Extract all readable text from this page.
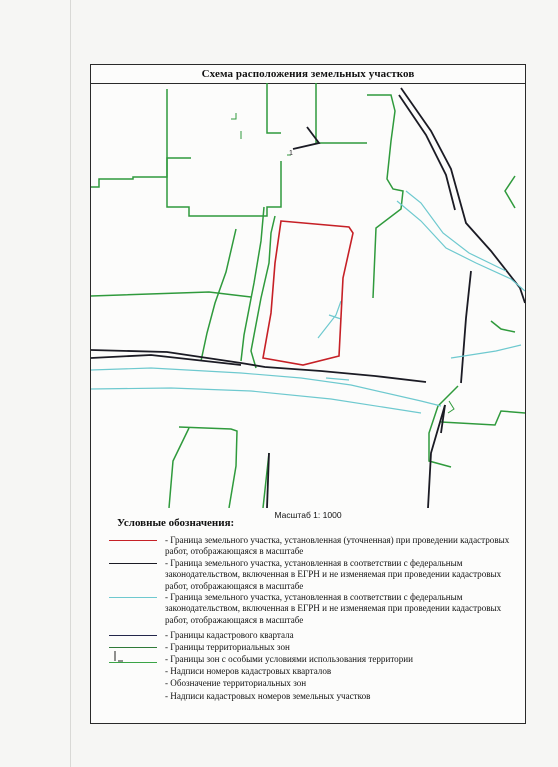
Схема расположения земельных участков
1
Масштаб 1: 1000
Условные обозначения:
- Граница земельного участка, установленная (уточненная) при проведении кадастровых работ, отображающаяся в масштабе
- Граница земельного участка, установленная в соответствии с федеральным законодательством, включенная в ЕГРН и не изменяемая при проведении кадастровых работ, отображающаяся в масштабе
- Граница земельного участка, установленная в соответствии с федеральным законодательством, включенная в ЕГРН и не изменяемая при проведении кадастровых работ, отображающаяся в масштабе
- Границы кадастрового квартала
- Границы территориальных зон
- Границы зон с особыми условиями использования территории
- Надписи номеров кадастровых кварталов
- Обозначение территориальных зон
- Надписи кадастровых номеров земельных участков
